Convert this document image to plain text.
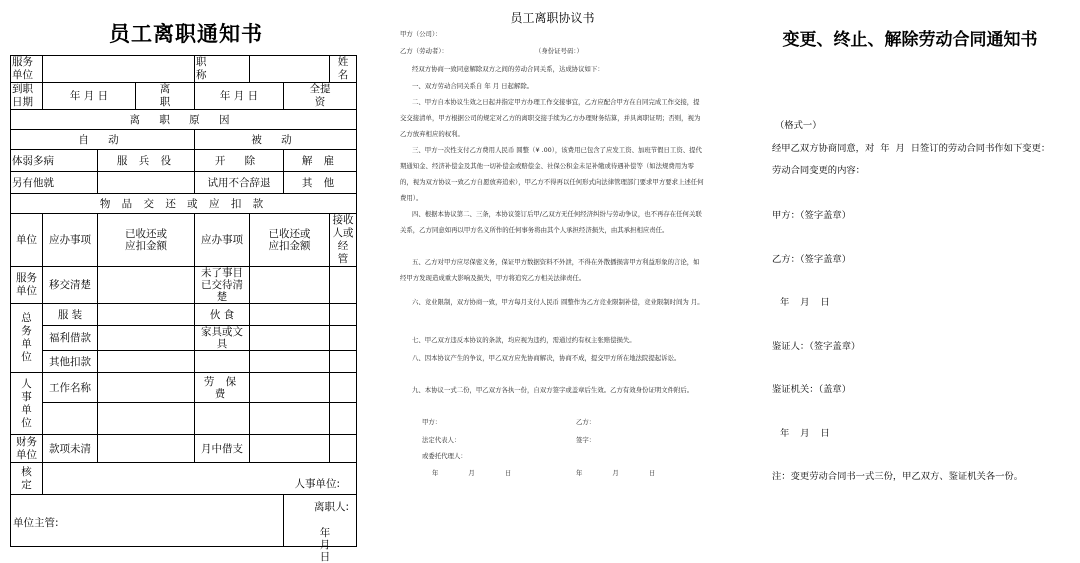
员工离职通知书
服务单位				职称			姓名
到职日期	年 月 日		离职	年 月 日		全提资	
离 职 原 因							
自 动				被 动			
体弱多病		服 兵 役		开 除		解 雇	
另有他就				试用不合辞退		其 他	
物 品 交 还 或 应 扣 款							
单位	应办事项	已收还或应扣金额		应办事项	已收还或应扣金额		接收人或经 管
服务单位	移交清楚			未了事目已交待清楚			
总务单位	服 装			伙 食			
	福利借款			家具或文具			
	其他扣款						
人事单位	工作名称			劳 保 费			

财务单位	款项未清			月中借支			
核定	人事单位:						

单位主管:						离职人:
年 月 日	
员工离职协议书
甲方（公司）：
乙方（劳动者）：	（身份证号码：）
经双方协商一致同意解除双方之间的劳动合同关系，达成协议如下：
一、双方劳动合同关系自 年 月 日起解除。
二、甲方自本协议生效之日起并指定甲方办理工作交接事宜，乙方应配合甲方在自同完成工作交接，提交交接清单，甲方根据公司的规定对乙方的离职交接手续为乙方办理财务结算，并具离职证明；否则，视为乙方放弃相应的权利。
三、甲方一次性支付乙方费用人民币 圆整（¥ .00），该费用已包含了应发工资、加班节假日工资、提代期通知金、经济补偿金及其他一切补偿金或赔偿金、社保公积金未足补缴或待遇补偿等（如法规费用为零的，视为双方协议一致乙方自愿放弃追索），甲乙方不得再以任何形式向法律管理部门要求甲方要求上述任何费用）。
四、根据本协议第二、三条，本协议签订后甲/乙双方无任何经济纠纷与劳动争议，也不再存在任何关联关系，乙方同意如再以甲方名义所作的任何事务将由其个人承担经济损失，由其承担相应责任。
五、乙方对甲方应尽保密义务，保证甲方数据资料不外泄，不得在外散播损害甲方利益形象的言论，如经甲方发现造成重大影响及损失，甲方将追究乙方相关法律责任。
六、竞业限制，双方协商一致，甲方每月支付人民币 圆整作为乙方竞业限制补偿，竞业限制时间为 月。
七、甲乙双方违反本协议的条款，均应视为违约，需通过约有权主张赔偿损失。
八、因本协议产生的争议，甲乙双方应先协商解决，协商不成，提交甲方所在地法院提起诉讼。
九、本协议一式二份，甲乙双方各执一份，自双方签字或盖章后生效。乙方有效身份证明文件附后。
甲方：	乙方：
法定代表人：	签字：
或委托代理人：
年 月 日	年 月 日
变更、终止、解除劳动合同通知书
（格式一）
经甲乙双方协商同意，对 年 月 日签订的劳动合同书作如下变更：
劳动合同变更的内容：
甲方：（签字盖章）
乙方：（签字盖章）
年 月 日
鉴证人：（签字盖章）
鉴证机关：（盖章）
年 月 日
注：变更劳动合同书一式三份，甲乙双方、鉴证机关各一份。
